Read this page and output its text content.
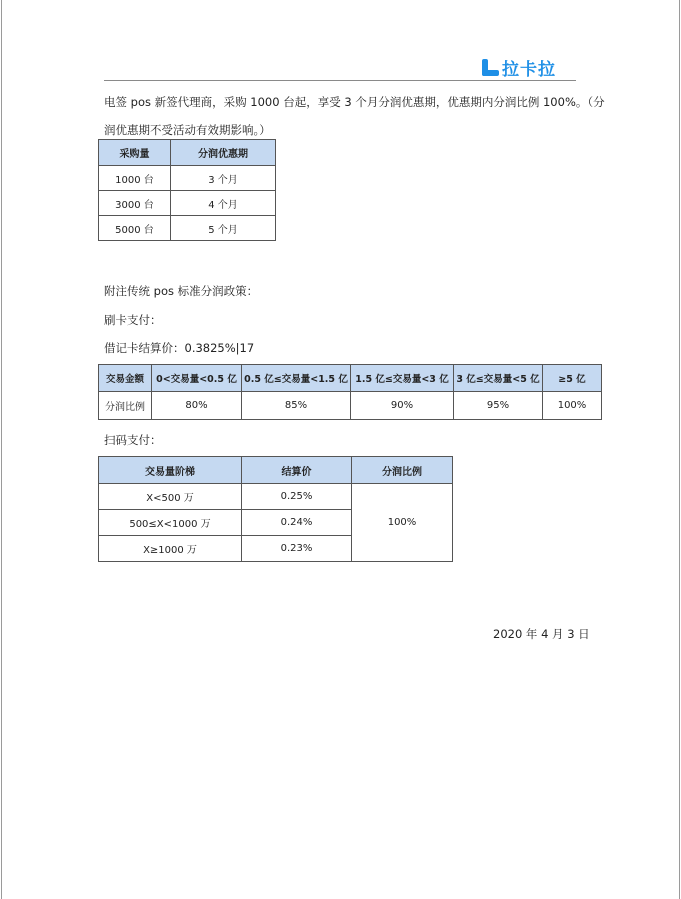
拉卡拉
电签 pos 新签代理商，采购 1000 台起，享受 3 个月分润优惠期，优惠期内分润比例 100%。（分
润优惠期不受活动有效期影响。）
采购量	分润优惠期
1000 台	3 个月
3000 台	4 个月
5000 台	5 个月
附注传统 pos 标准分润政策：
刷卡支付：
借记卡结算价：0.3825%|17
交易金额	0<交易量<0.5 亿	0.5 亿≤交易量<1.5 亿	1.5 亿≤交易量<3 亿	3 亿≤交易量<5 亿	≥5 亿
分润比例	80%	85%	90%	95%	100%
扫码支付：
交易量阶梯	结算价	分润比例
X<500 万	0.25%	100%
500≤X<1000 万	0.24%	
X≥1000 万	0.23%	
2020 年 4 月 3 日
